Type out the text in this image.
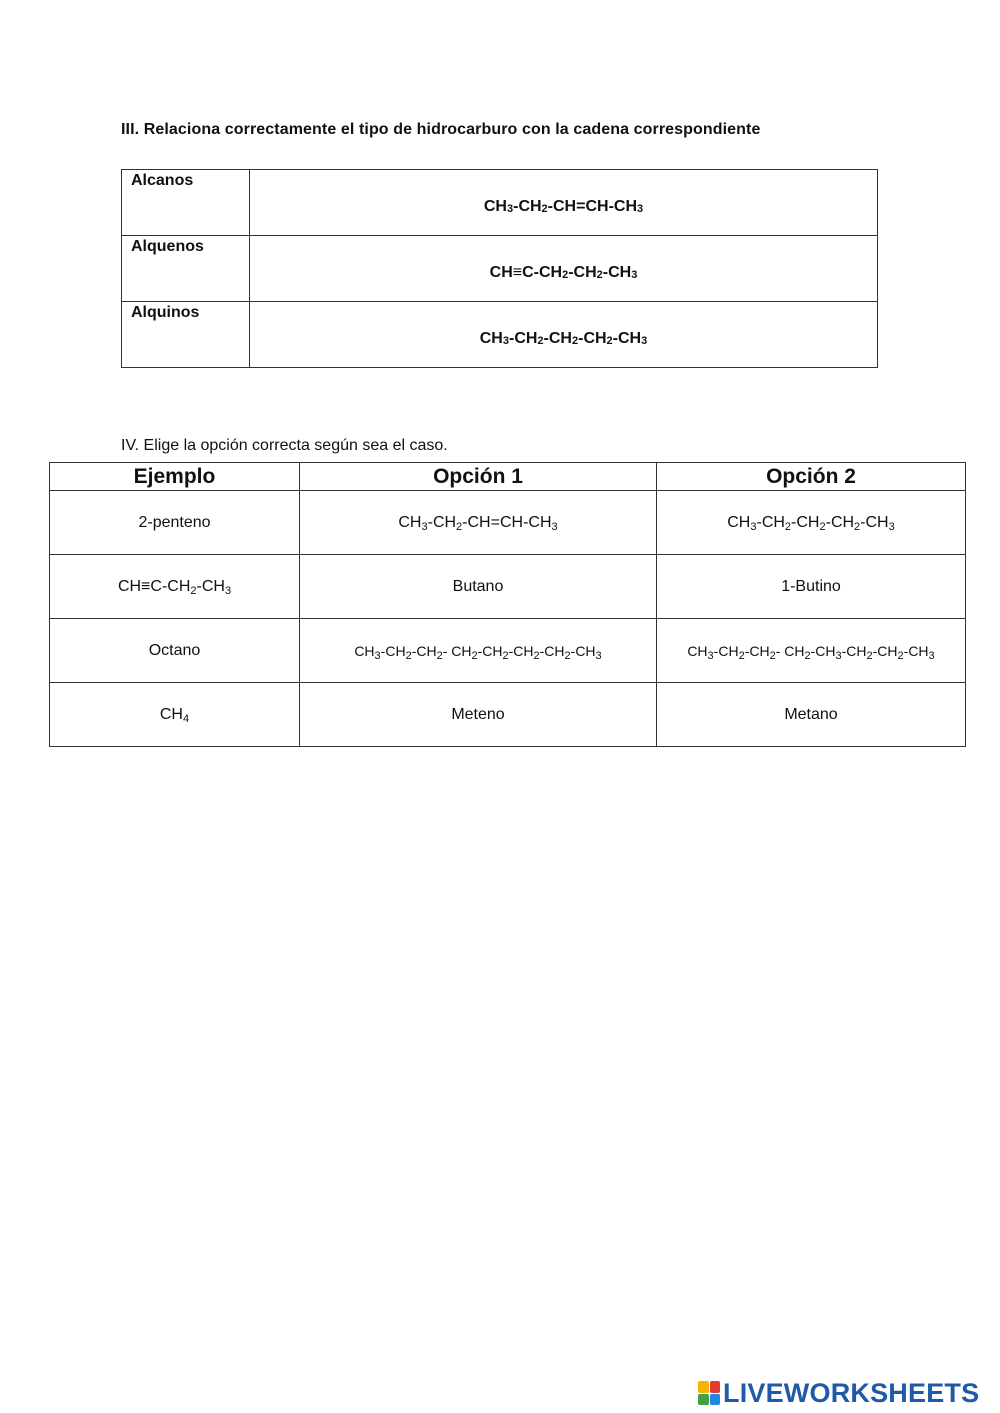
III. Relaciona correctamente el tipo de hidrocarburo con la cadena correspondiente
Alcanos	$CH_3-CH_2-CH=CH-CH_3$
Alquenos	$CH\equiv C-CH_2-CH_2-CH_3$
Alquinos	$CH_3-CH_2-CH_2-CH_2-CH_3$
IV. Elige la opción correcta según sea el caso.
Ejemplo	Opción 1	Opción 2
2-penteno	$CH_3-CH_2-CH=CH-CH_3$	$CH_3-CH_2-CH_2-CH_2-CH_3$
$CH\equiv C-CH_2-CH_3$	Butano	1-Butino
Octano	$CH_3-CH_2-CH_2-$ $CH_2-CH_2-CH_2-CH_2-CH_3$	$CH_3-CH_2-CH_2-$ $CH_2-CH_3-CH_2-CH_2-CH_3$
$CH_4$	Meteno	Metano
LIVEWORKSHEETS
